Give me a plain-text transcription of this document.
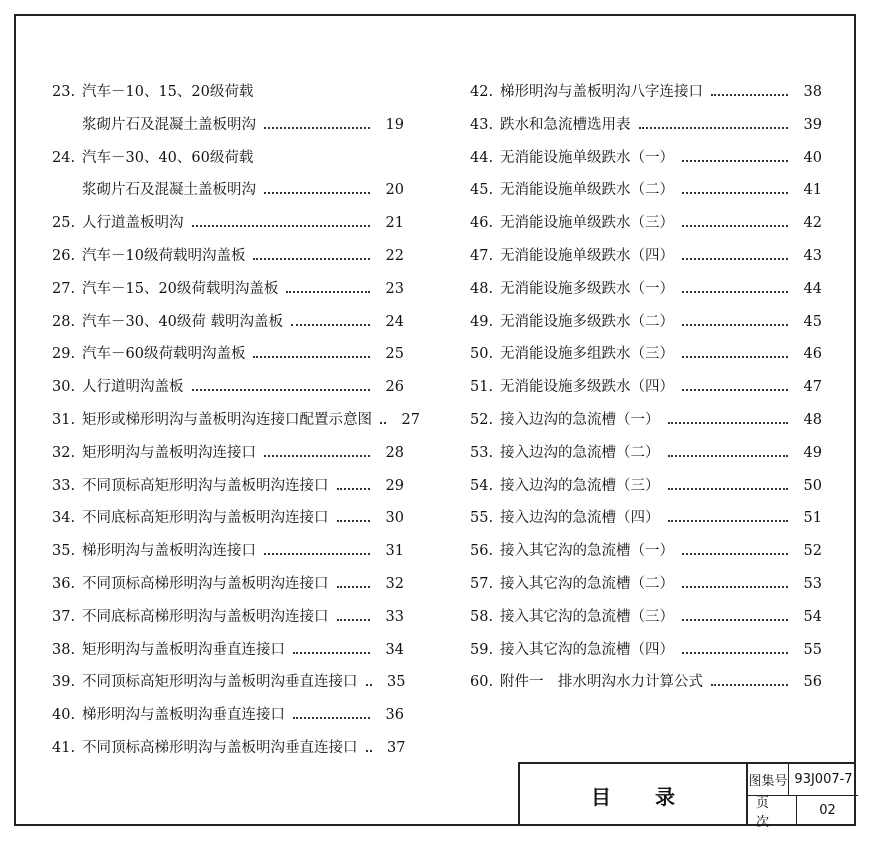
23. 汽车－10、15、20级荷载
浆砌片石及混凝土盖板明沟	19
24. 汽车－30、40、60级荷载
浆砌片石及混凝土盖板明沟	20
25. 人行道盖板明沟	21
26. 汽车－10级荷载明沟盖板	22
27. 汽车－15、20级荷载明沟盖板	23
28. 汽车－30、40级荷 载明沟盖板	24
29. 汽车－60级荷载明沟盖板	25
30. 人行道明沟盖板	26
31. 矩形或梯形明沟与盖板明沟连接口配置示意图	27
32. 矩形明沟与盖板明沟连接口	28
33. 不同顶标高矩形明沟与盖板明沟连接口	29
34. 不同底标高矩形明沟与盖板明沟连接口	30
35. 梯形明沟与盖板明沟连接口	31
36. 不同顶标高梯形明沟与盖板明沟连接口	32
37. 不同底标高梯形明沟与盖板明沟连接口	33
38. 矩形明沟与盖板明沟垂直连接口	34
39. 不同顶标高矩形明沟与盖板明沟垂直连接口	35
40. 梯形明沟与盖板明沟垂直连接口	36
41. 不同顶标高梯形明沟与盖板明沟垂直连接口	37
42. 梯形明沟与盖板明沟八字连接口	38
43. 跌水和急流槽选用表	39
44. 无消能设施单级跌水（一）	40
45. 无消能设施单级跌水（二）	41
46. 无消能设施单级跌水（三）	42
47. 无消能设施单级跌水（四）	43
48. 无消能设施多级跌水（一）	44
49. 无消能设施多级跌水（二）	45
50. 无消能设施多组跌水（三）	46
51. 无消能设施多级跌水（四）	47
52. 接入边沟的急流槽（一）	48
53. 接入边沟的急流槽（二）	49
54. 接入边沟的急流槽（三）	50
55. 接入边沟的急流槽（四）	51
56. 接入其它沟的急流槽（一）	52
57. 接入其它沟的急流槽（二）	53
58. 接入其它沟的急流槽（三）	54
59. 接入其它沟的急流槽（四）	55
60. 附件一　排水明沟水力计算公式	56
目录
图集号 93J007-7
页次
02
